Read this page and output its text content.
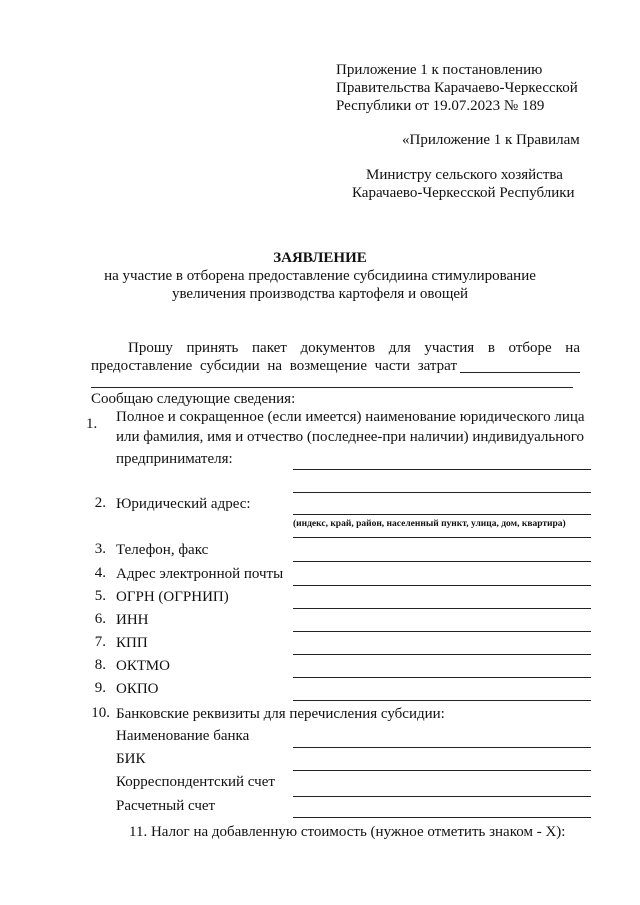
Приложение 1 к постановлению
Правительства Карачаево-Черкесской
Республики от 19.07.2023 № 189
«Приложение 1 к Правилам
Министру сельского хозяйства
Карачаево-Черкесской Республики
ЗАЯВЛЕНИЕ
на участие в отборена предоставление субсидиина стимулирование
увеличения производства картофеля и овощей
Прошу принять пакет документов для участия в отборе на
предоставление субсидии на возмещение части затрат
Сообщаю следующие сведения:
1.	Полное и сокращенное (если имеется) наименование юридического лица
или фамилия, имя и отчество (последнее-при наличии) индивидуального
предпринимателя:
2. Юридический адрес:
(индекс, край, район, населенный пункт, улица, дом, квартира)
3. Телефон, факс
4. Адрес электронной почты
5. ОГРН (ОГРНИП)
6. ИНН
7. КПП
8. ОКТМО
9. ОКПО
10. Банковские реквизиты для перечисления субсидии:
Наименование банка
БИК
Корреспондентский счет
Расчетный счет
11. Налог на добавленную стоимость (нужное отметить знаком - Х):
